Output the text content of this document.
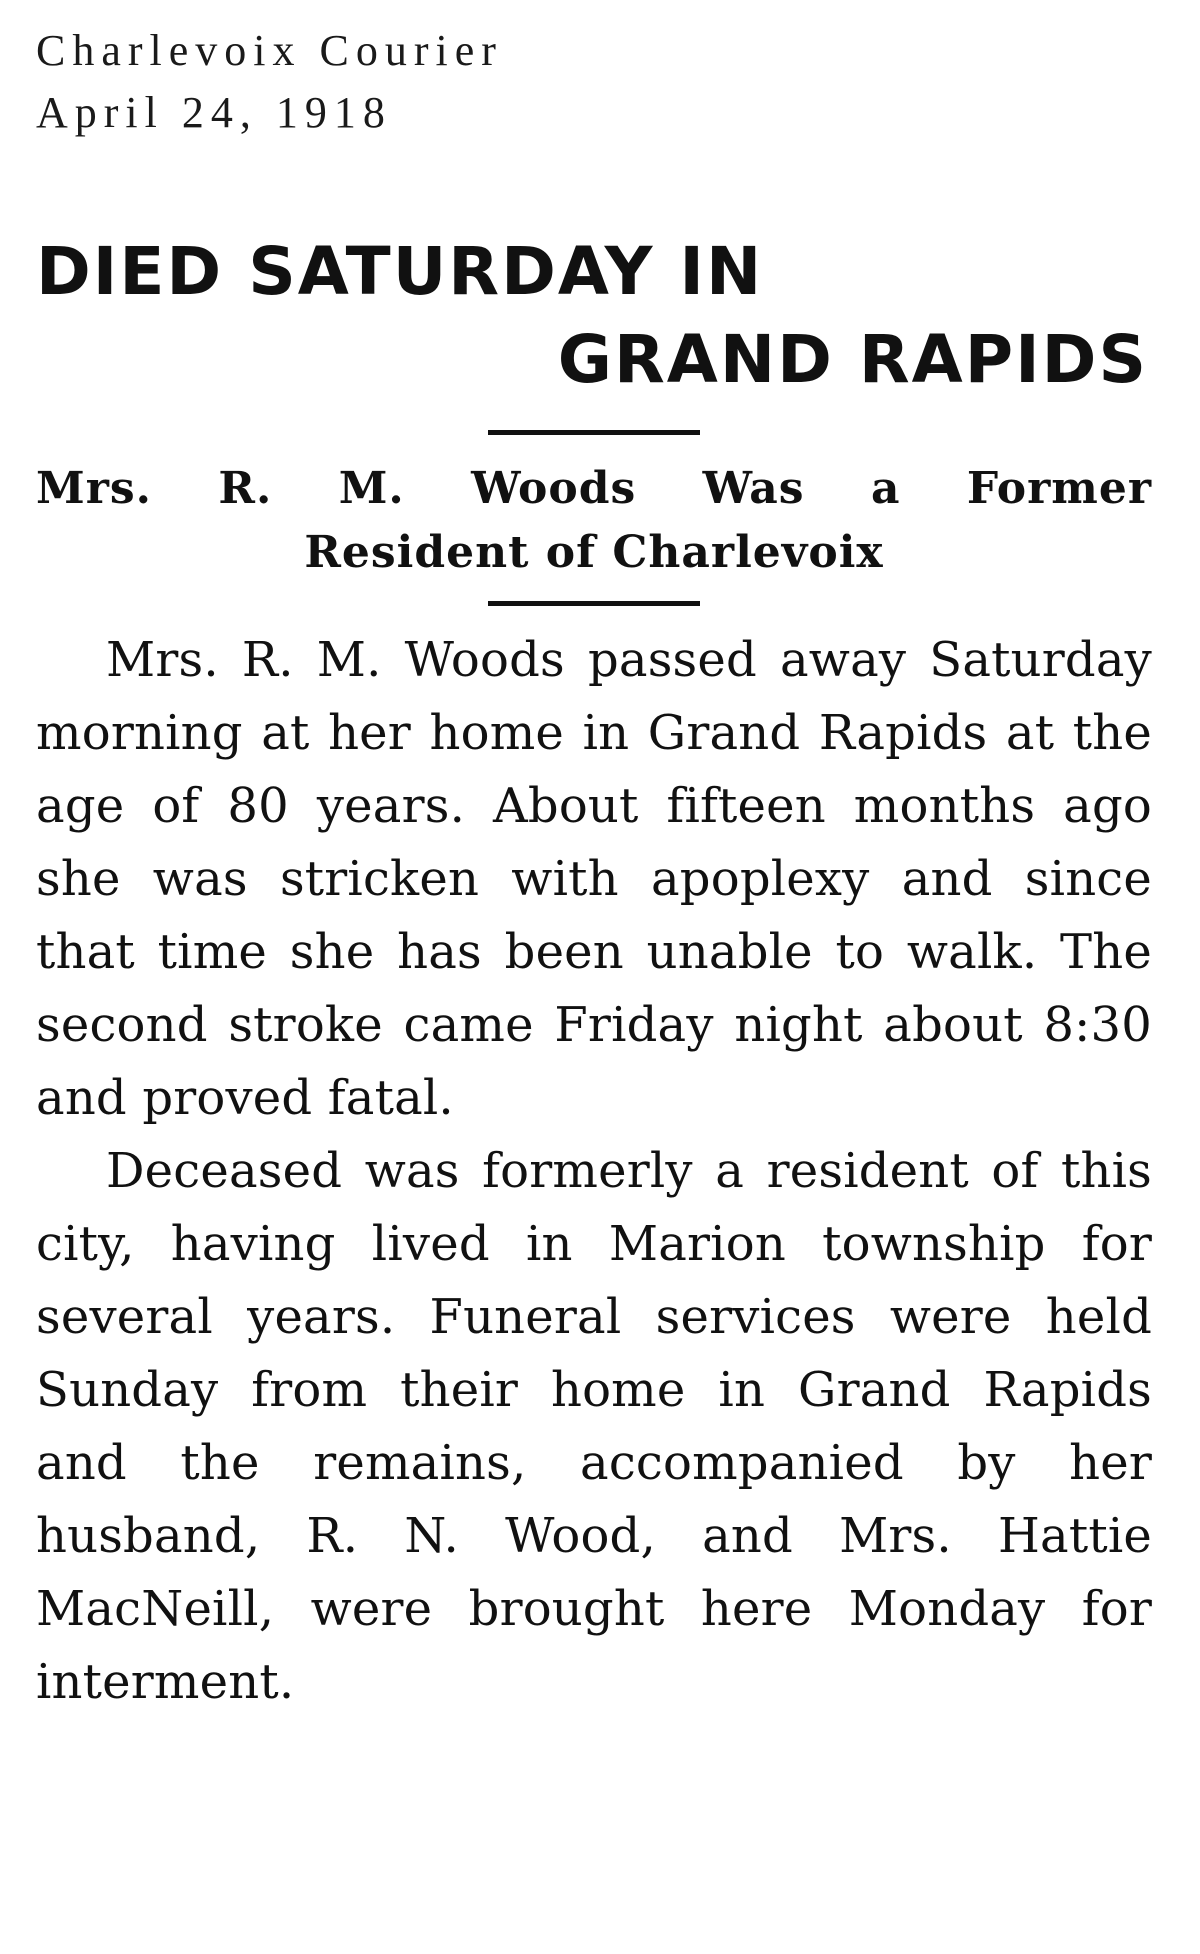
Charlevoix Courier
April 24, 1918
DIED SATURDAY IN
GRAND RAPIDS
Mrs. R. M. Woods Was a Former
Resident of Charlevoix

Mrs. R. M. Woods passed away Saturday morning at her home in Grand Rapids at the age of 80 years. About fifteen months ago she was stricken with apoplexy and since that time she has been unable to walk. The second stroke came Friday night about 8:30 and proved fatal.

Deceased was formerly a resident of this city, having lived in Marion township for several years. Funeral services were held Sunday from their home in Grand Rapids and the remains, accompanied by her husband, R. N. Wood, and Mrs. Hattie MacNeill, were brought here Monday for interment.
